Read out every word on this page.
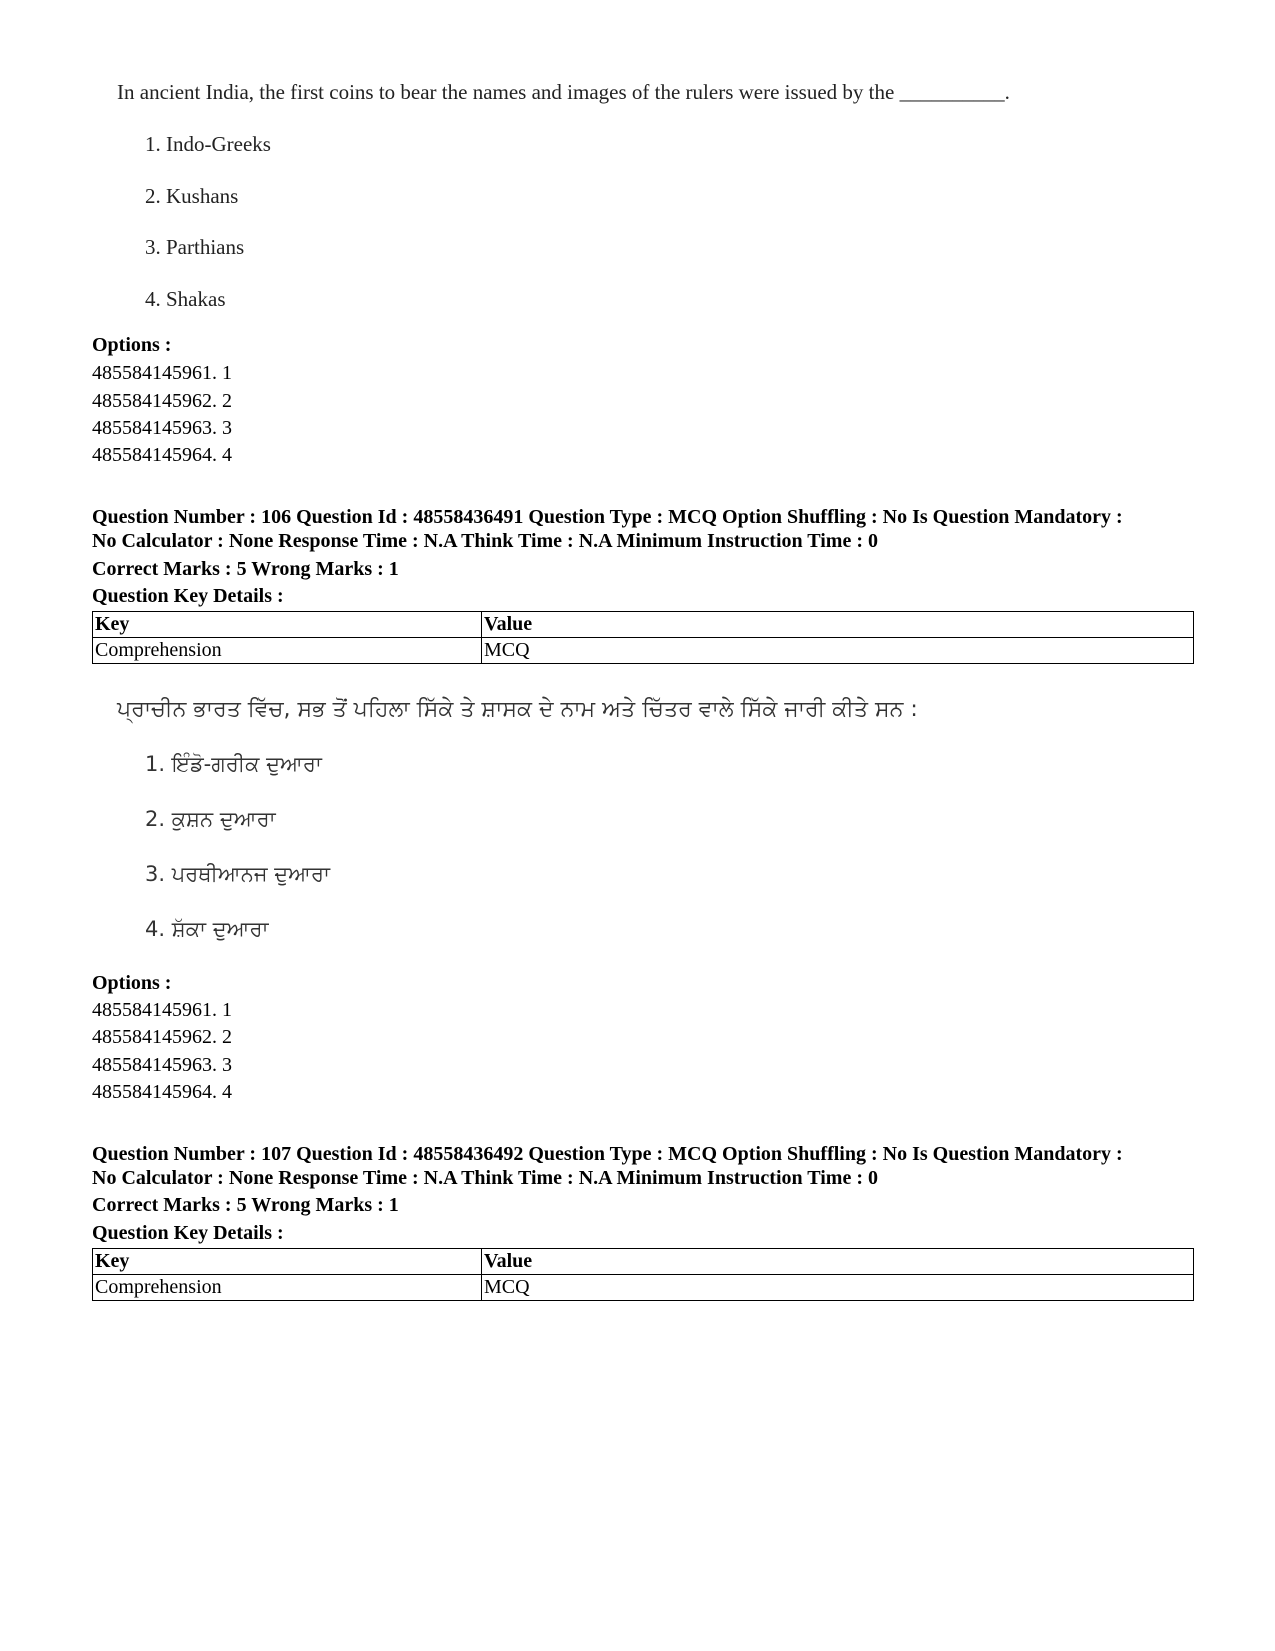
In ancient India, the first coins to bear the names and images of the rulers were issued by the __________.
1. Indo-Greeks
2. Kushans
3. Parthians
4. Shakas
Options :
485584145961. 1
485584145962. 2
485584145963. 3
485584145964. 4
Question Number : 106 Question Id : 48558436491 Question Type : MCQ Option Shuffling : No Is Question Mandatory :
No Calculator : None Response Time : N.A Think Time : N.A Minimum Instruction Time : 0
Correct Marks : 5 Wrong Marks : 1
Question Key Details :
Key	Value
Comprehension	MCQ
ਪ੍ਰਾਚੀਨ ਭਾਰਤ ਵਿੱਚ, ਸਭ ਤੋਂ ਪਹਿਲਾ ਸਿੱਕੇ ਤੇ ਸ਼ਾਸਕ ਦੇ ਨਾਮ ਅਤੇ ਚਿੱਤਰ ਵਾਲੇ ਸਿੱਕੇ ਜਾਰੀ ਕੀਤੇ ਸਨ :
1. ਇੰਡੋ-ਗਰੀਕ ਦੁਆਰਾ
2. ਕੁਸ਼ਨ ਦੁਆਰਾ
3. ਪਰਥੀਆਨਜ ਦੁਆਰਾ
4. ਸ਼ੱਕਾ ਦੁਆਰਾ
Options :
485584145961. 1
485584145962. 2
485584145963. 3
485584145964. 4
Question Number : 107 Question Id : 48558436492 Question Type : MCQ Option Shuffling : No Is Question Mandatory :
No Calculator : None Response Time : N.A Think Time : N.A Minimum Instruction Time : 0
Correct Marks : 5 Wrong Marks : 1
Question Key Details :
Key	Value
Comprehension	MCQ
